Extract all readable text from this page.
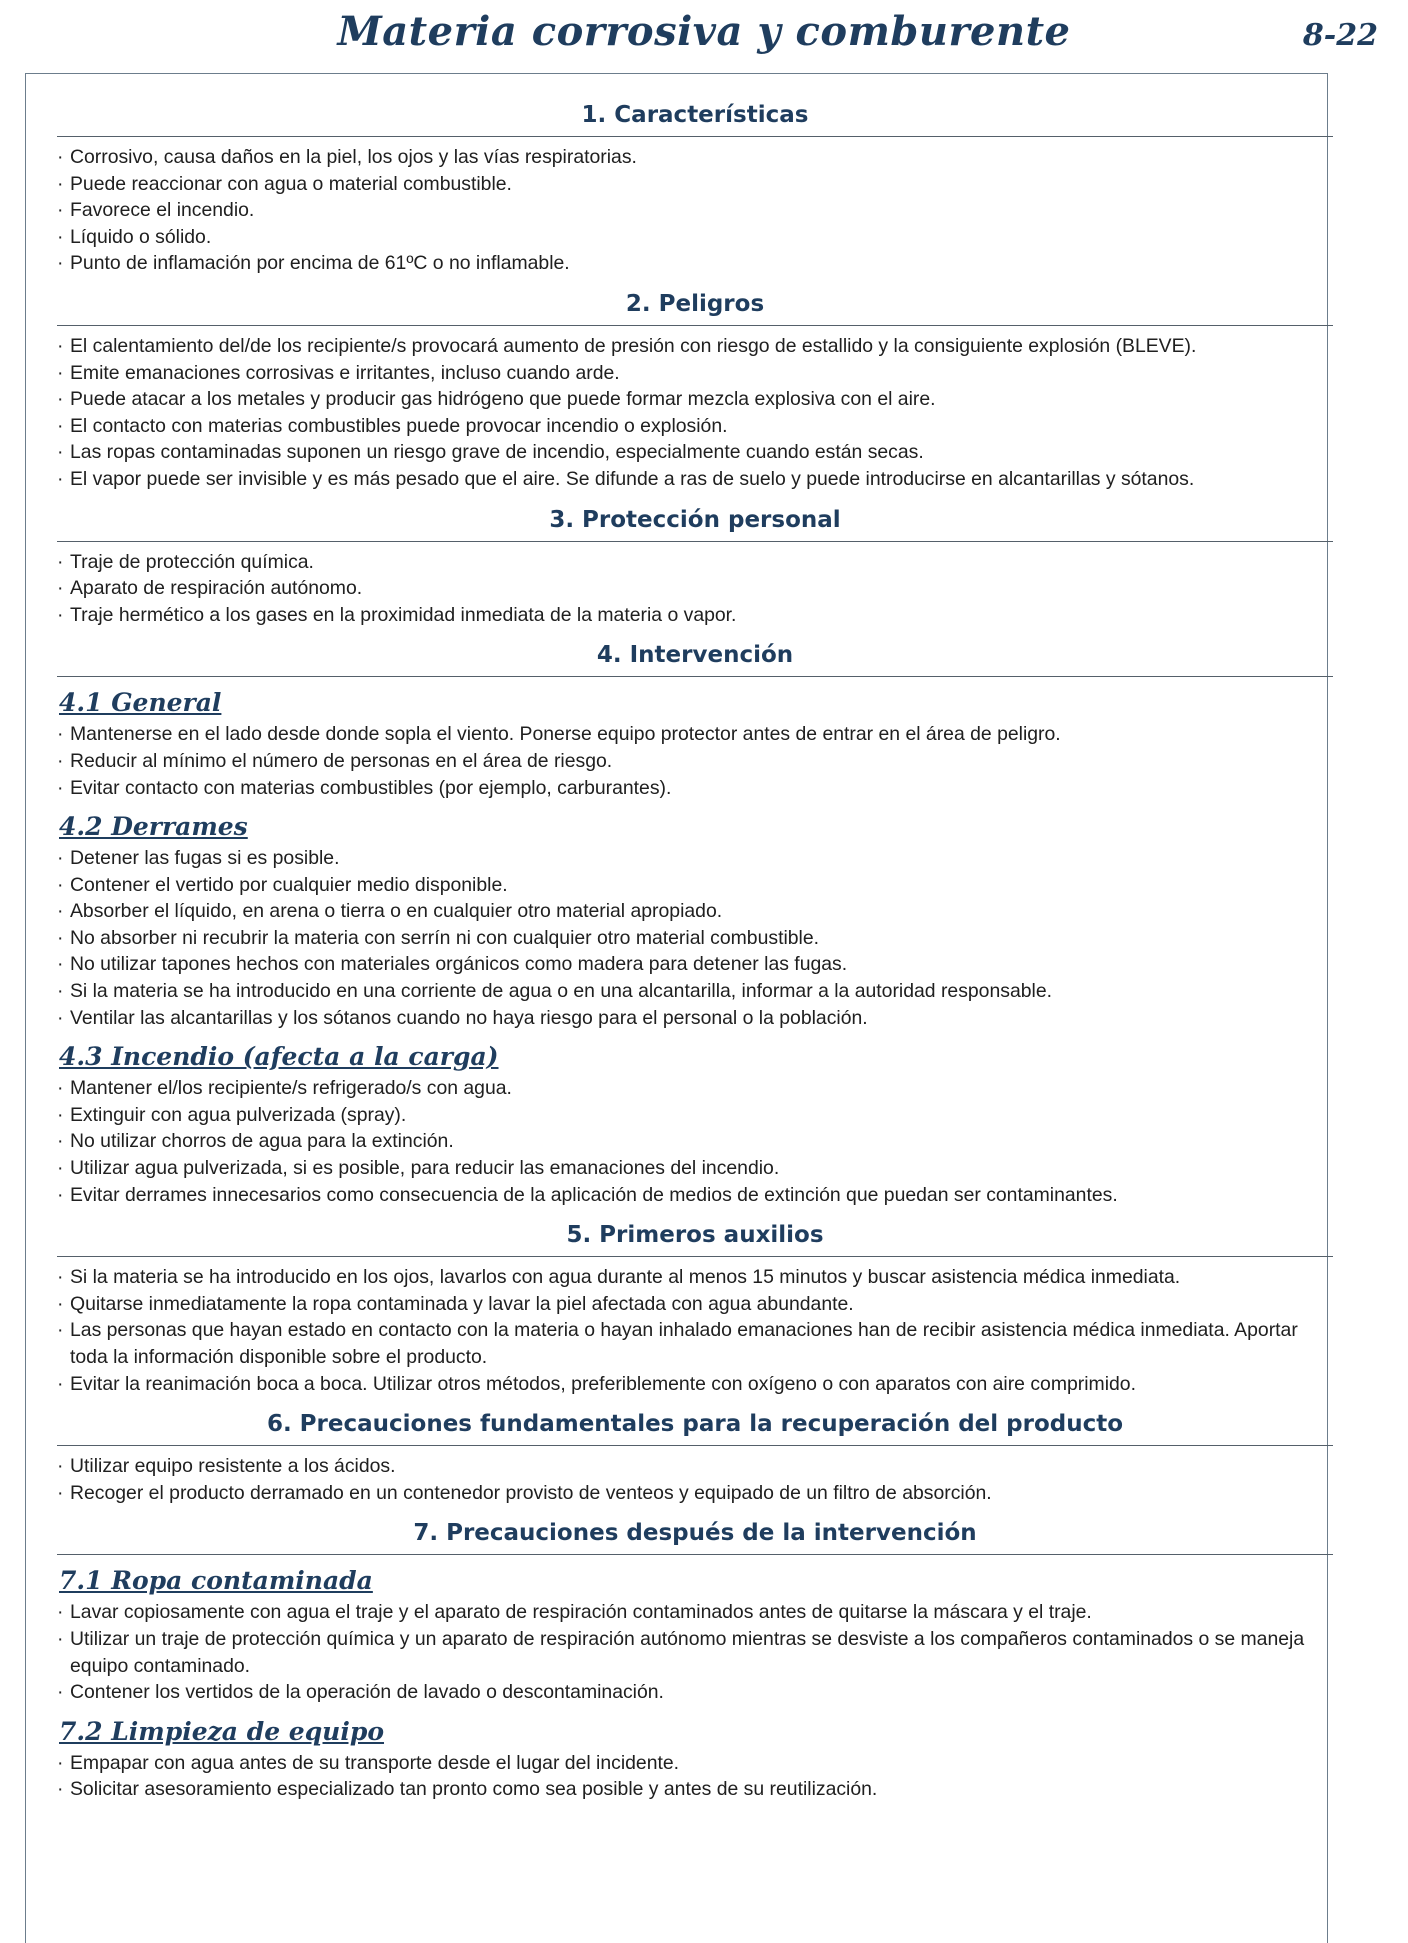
Materia corrosiva y comburente	8-22
1. Características
· Corrosivo, causa daños en la piel, los ojos y las vías respiratorias.
· Puede reaccionar con agua o material combustible.
· Favorece el incendio.
· Líquido o sólido.
· Punto de inflamación por encima de 61ºC o no inflamable.
2. Peligros
· El calentamiento del/de los recipiente/s provocará aumento de presión con riesgo de estallido y la consiguiente explosión (BLEVE).
· Emite emanaciones corrosivas e irritantes, incluso cuando arde.
· Puede atacar a los metales y producir gas hidrógeno que puede formar mezcla explosiva con el aire.
· El contacto con materias combustibles puede provocar incendio o explosión.
· Las ropas contaminadas suponen un riesgo grave de incendio, especialmente cuando están secas.
· El vapor puede ser invisible y es más pesado que el aire. Se difunde a ras de suelo y puede introducirse en alcantarillas y sótanos.
3. Protección personal
· Traje de protección química.
· Aparato de respiración autónomo.
· Traje hermético a los gases en la proximidad inmediata de la materia o vapor.
4. Intervención
4.1 General
· Mantenerse en el lado desde donde sopla el viento. Ponerse equipo protector antes de entrar en el área de peligro.
· Reducir al mínimo el número de personas en el área de riesgo.
· Evitar contacto con materias combustibles (por ejemplo, carburantes).
4.2 Derrames
· Detener las fugas si es posible.
· Contener el vertido por cualquier medio disponible.
· Absorber el líquido, en arena o tierra o en cualquier otro material apropiado.
· No absorber ni recubrir la materia con serrín ni con cualquier otro material combustible.
· No utilizar tapones hechos con materiales orgánicos como madera para detener las fugas.
· Si la materia se ha introducido en una corriente de agua o en una alcantarilla, informar a la autoridad responsable.
· Ventilar las alcantarillas y los sótanos cuando no haya riesgo para el personal o la población.
4.3 Incendio (afecta a la carga)
· Mantener el/los recipiente/s refrigerado/s con agua.
· Extinguir con agua pulverizada (spray).
· No utilizar chorros de agua para la extinción.
· Utilizar agua pulverizada, si es posible, para reducir las emanaciones del incendio.
· Evitar derrames innecesarios como consecuencia de la aplicación de medios de extinción que puedan ser contaminantes.
5. Primeros auxilios
· Si la materia se ha introducido en los ojos, lavarlos con agua durante al menos 15 minutos y buscar asistencia médica inmediata.
· Quitarse inmediatamente la ropa contaminada y lavar la piel afectada con agua abundante.
· Las personas que hayan estado en contacto con la materia o hayan inhalado emanaciones han de recibir asistencia médica inmediata. Aportar toda la información disponible sobre el producto.
· Evitar la reanimación boca a boca. Utilizar otros métodos, preferiblemente con oxígeno o con aparatos con aire comprimido.
6. Precauciones fundamentales para la recuperación del producto
· Utilizar equipo resistente a los ácidos.
· Recoger el producto derramado en un contenedor provisto de venteos y equipado de un filtro de absorción.
7. Precauciones después de la intervención
7.1 Ropa contaminada
· Lavar copiosamente con agua el traje y el aparato de respiración contaminados antes de quitarse la máscara y el traje.
· Utilizar un traje de protección química y un aparato de respiración autónomo mientras se desviste a los compañeros contaminados o se maneja equipo contaminado.
· Contener los vertidos de la operación de lavado o descontaminación.
7.2 Limpieza de equipo
· Empapar con agua antes de su transporte desde el lugar del incidente.
· Solicitar asesoramiento especializado tan pronto como sea posible y antes de su reutilización.
